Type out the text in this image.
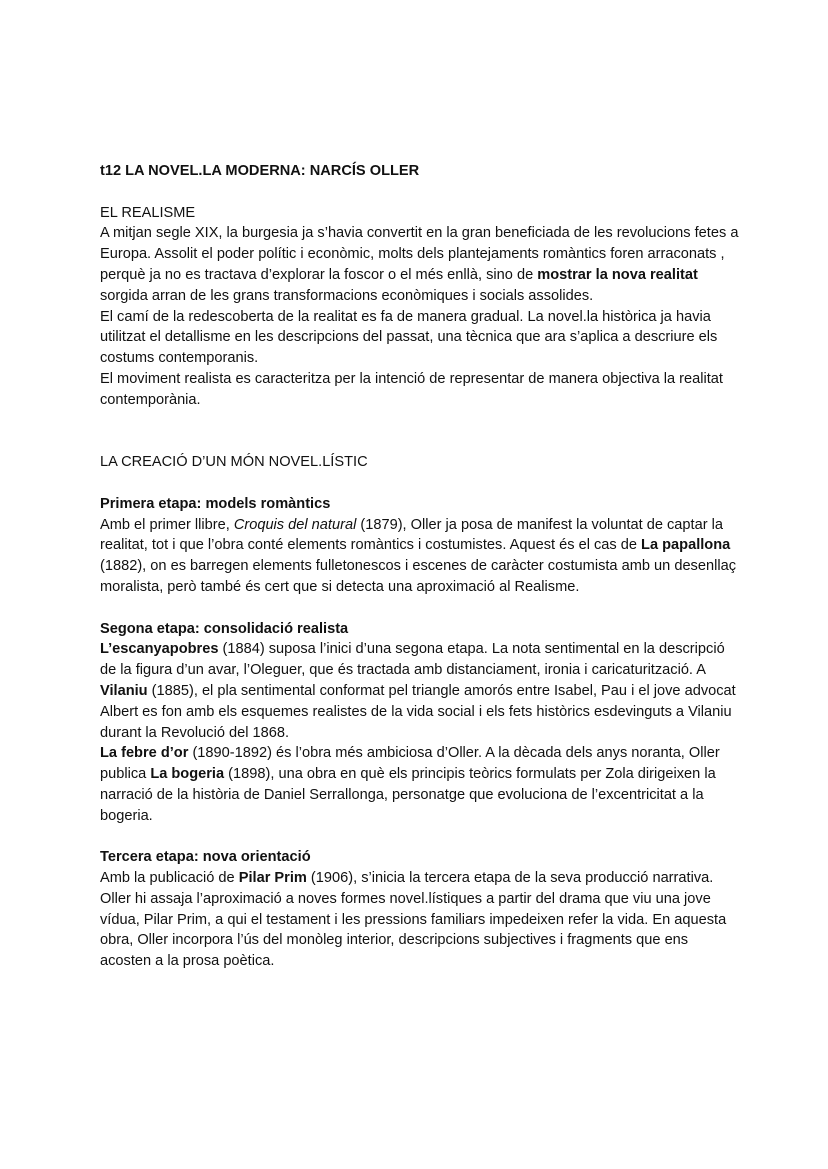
t12 LA NOVEL.LA MODERNA: NARCÍS OLLER

EL REALISME

A mitjan segle XIX, la burgesia ja s’havia convertit en la gran beneficiada de les revolucions fetes a Europa. Assolit el poder polític i econòmic, molts dels plantejaments romàntics foren arraconats , perquè ja no es tractava d’explorar la foscor o el més enllà, sino de mostrar la nova realitat sorgida arran de les grans transformacions econòmiques i socials assolides.

El camí de la redescoberta de la realitat es fa de manera gradual. La novel.la històrica ja havia utilitzat el detallisme en les descripcions del passat, una tècnica que ara s’aplica a descriure els costums contemporanis.

El moviment realista es caracteritza per la intenció de representar de manera objectiva la realitat contemporània.

LA CREACIÓ D’UN MÓN NOVEL.LÍSTIC

Primera etapa: models romàntics

Amb el primer llibre, Croquis del natural (1879), Oller ja posa de manifest la voluntat de captar la realitat, tot i que l’obra conté elements romàntics i costumistes. Aquest és el cas de La papallona (1882), on es barregen elements fulletonescos i escenes de caràcter costumista amb un desenllaç moralista, però també és cert que si detecta una aproximació al Realisme.

Segona etapa: consolidació realista

L’escanyapobres (1884) suposa l’inici d’una segona etapa. La nota sentimental en la descripció de la figura d’un avar, l’Oleguer, que és tractada amb distanciament, ironia i caricaturització. A Vilaniu (1885), el pla sentimental conformat pel triangle amorós entre Isabel, Pau i el jove advocat Albert es fon amb els esquemes realistes de la vida social i els fets històrics esdevinguts a Vilaniu durant la Revolució del 1868.

La febre d’or (1890-1892) és l’obra més ambiciosa d’Oller. A la dècada dels anys noranta, Oller publica La bogeria (1898), una obra en què els principis teòrics formulats per Zola dirigeixen la narració de la història de Daniel Serrallonga, personatge que evoluciona de l’excentricitat a la bogeria.

Tercera etapa: nova orientació

Amb la publicació de Pilar Prim (1906), s’inicia la tercera etapa de la seva producció narrativa. Oller hi assaja l’aproximació a noves formes novel.lístiques a partir del drama que viu una jove vídua, Pilar Prim, a qui el testament i les pressions familiars impedeixen refer la vida. En aquesta obra, Oller incorpora l’ús del monòleg interior, descripcions subjectives i fragments que ens acosten a la prosa poètica.
